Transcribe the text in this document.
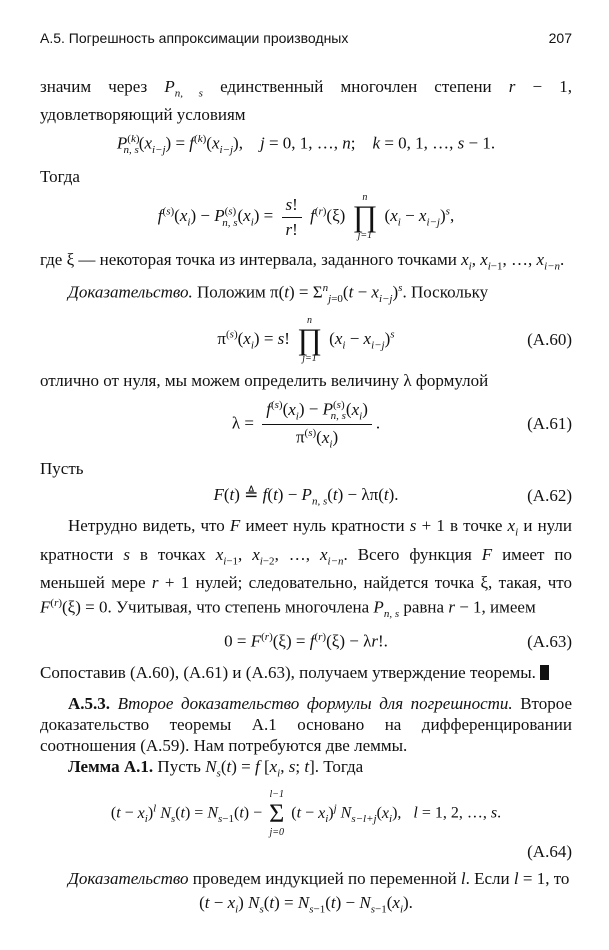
А.5. Погрешность аппроксимации производных	207

значим через $P_{n, s}$ единственный многочлен степени r − 1, удовлетворяющий условиям

$P^{(k)}_{n, s}(x_{i-j}) = f^{(k)}(x_{i-j})$,    j = 0, 1, …, n;    k = 0, 1, …, s − 1.

Тогда

$f^{(s)}(x_i) - P^{(s)}_{n, s}(x_i) = \frac{s!}{r!} f^{(r)}(\xi)$
n
∏
j=1
$(x_i - x_{i-j})^s$,

где ξ — некоторая точка из интервала, заданного точками $x_i$, $x_{i-1}$, …, $x_{i-n}$.

Доказательство. Положим $\pi(t) = \Sigma^n_{j=0}(t - x_{i-j})^s$. Поскольку

$\pi^{(s)}(x_i) = s$!
n
∏
j=1
$(x_i - x_{i-j})^s$	(A.60)

отлично от нуля, мы можем определить величину λ формулой

$\lambda = \frac{f^{(s)}(x_i) - P^{(s)}_{n, s}(x_i)}{\pi^{(s)}(x_i)}$ .	(A.61)

Пусть

F(t) ≜ $f(t) - P_{n, s}(t) - \lambda\pi(t)$.	(A.62)

Нетрудно видеть, что F имеет нуль кратности s + 1 в точке $x_i$ и нули кратности s в точках $x_{i-1}$, $x_{i-2}$, …, $x_{i-n}$. Всего функция F имеет по меньшей мере r + 1 нулей; следовательно, найдется точка ξ, такая, что $F^{(r)}(\xi) = 0$. Учитывая, что степень многочлена $P_{n, s}$ равна r − 1, имеем

$0 = F^{(r)}(\xi) = f^{(r)}(\xi) - \lambda r$!.	(A.63)

Сопоставив (A.60), (A.61) и (A.63), получаем утверждение теоремы.

A.5.3. Второе доказательство формулы для погрешности. Второе доказательство теоремы А.1 основано на дифференцировании соотношения (А.59). Нам потребуются две леммы.

Лемма А.1. Пусть $N_s(t) = f$ [$x_i$, s; t]. Тогда

$(t - x_i)^l$ $N_s(t) = N_{s-1}(t)$ −
l−1
Σ
j=0
$(t - x_i)^j$ $N_{s-l+j}(x_i)$,   l = 1, 2, …, s.
(A.64)

Доказательство проведем индукцией по переменной l. Если l = 1, то

$(t - x_i)$ $N_s(t) = N_{s-1}(t) - N_{s-1}(x_i)$.
